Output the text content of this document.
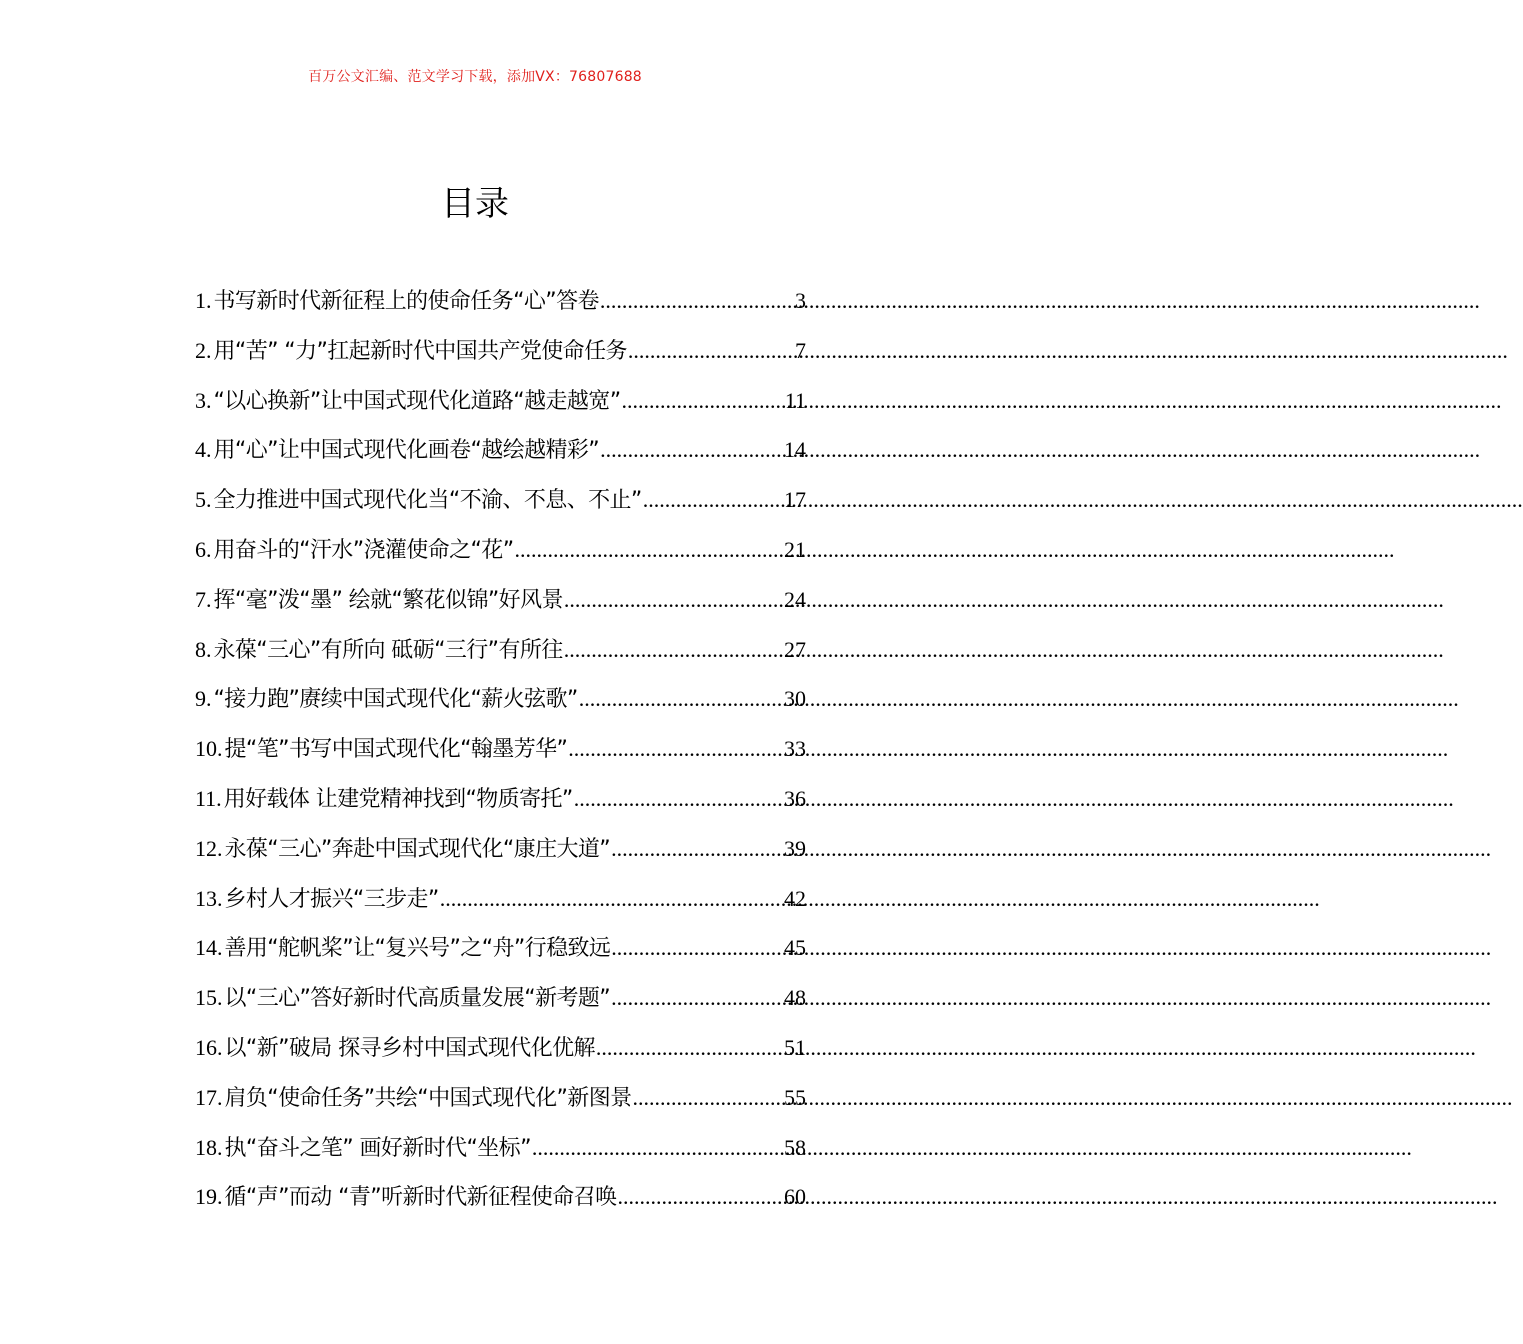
百万公文汇编、范文学习下载，添加VX：76807688
目录
1. 书写新时代新征程上的使命任务“心”答卷 .....	3
2. 用“苦” “力”扛起新时代中国共产党使命任务 .....	7
3. “以心换新”让中国式现代化道路“越走越宽” .....	11
4. 用“心”让中国式现代化画卷“越绘越精彩” .....	14
5. 全力推进中国式现代化当“不渝、不息、不止” .....	17
6. 用奋斗的“汗水”浇灌使命之“花” .....	21
7. 挥“毫”泼“墨” 绘就“繁花似锦”好风景 .....	24
8. 永葆“三心”有所向 砥砺“三行”有所往 .....	27
9. “接力跑”赓续中国式现代化“薪火弦歌” .....	30
10. 提“笔”书写中国式现代化“翰墨芳华” .....	33
11. 用好载体 让建党精神找到“物质寄托” .....	36
12. 永葆“三心”奔赴中国式现代化“康庄大道” .....	39
13. 乡村人才振兴“三步走” .....	42
14. 善用“舵帆桨”让“复兴号”之“舟”行稳致远 .....	45
15. 以“三心”答好新时代高质量发展“新考题” .....	48
16. 以“新”破局 探寻乡村中国式现代化优解 .....	51
17. 肩负“使命任务”共绘“中国式现代化”新图景 .....	55
18. 执“奋斗之笔” 画好新时代“坐标” .....	58
19. 循“声”而动 “青”听新时代新征程使命召唤 .....	60
